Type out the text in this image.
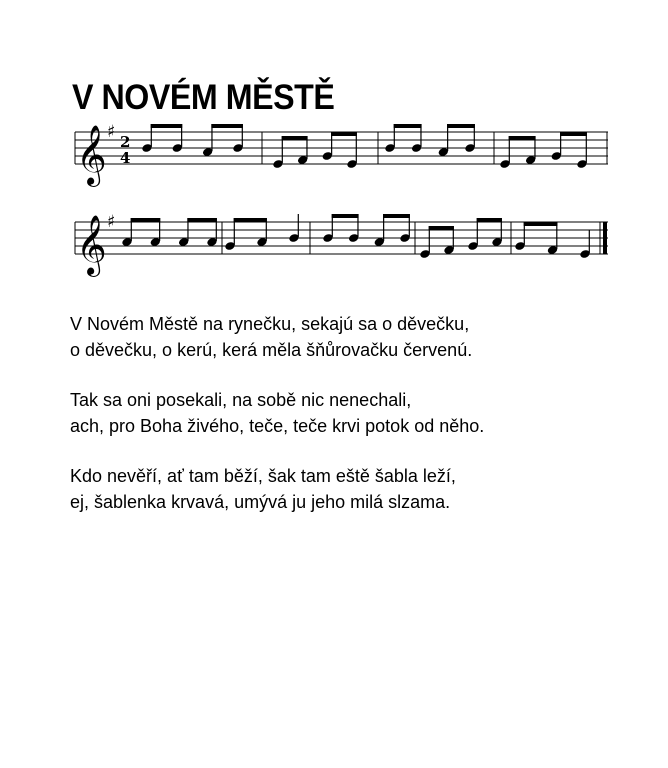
V NOVÉM MĚSTĚ
𝄞 ♯ 2
4
𝄞 ♯

V Novém Městě na rynečku, sekajú sa o děvečku,
o děvečku, o kerú, kerá měla šňůrovačku červenú.

Tak sa oni posekali, na sobě nic nenechali,
ach, pro Boha živého, teče, teče krvi potok od něho.

Kdo nevěří, ať tam běží, šak tam eště šabla leží,
ej, šablenka krvavá, umývá ju jeho milá slzama.
